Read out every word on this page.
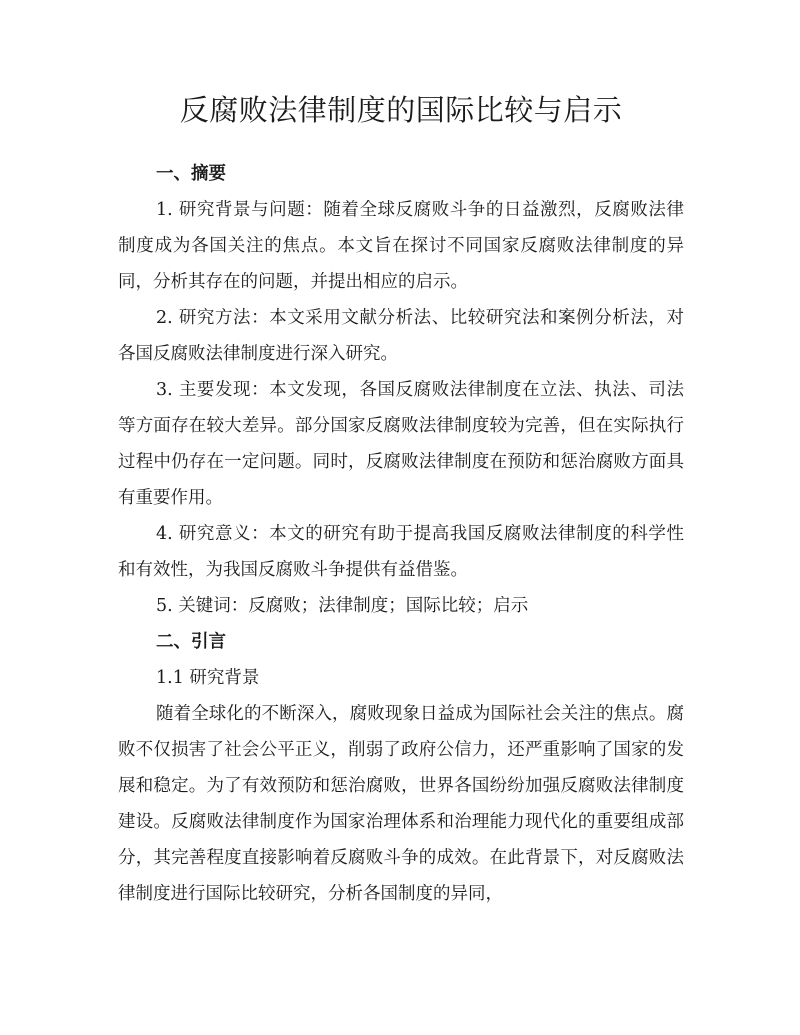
反腐败法律制度的国际比较与启示
一、摘要

1. 研究背景与问题：随着全球反腐败斗争的日益激烈，反腐败法律制度成为各国关注的焦点。本文旨在探讨不同国家反腐败法律制度的异同，分析其存在的问题，并提出相应的启示。

2. 研究方法：本文采用文献分析法、比较研究法和案例分析法，对各国反腐败法律制度进行深入研究。

3. 主要发现：本文发现，各国反腐败法律制度在立法、执法、司法等方面存在较大差异。部分国家反腐败法律制度较为完善，但在实际执行过程中仍存在一定问题。同时，反腐败法律制度在预防和惩治腐败方面具有重要作用。

4. 研究意义：本文的研究有助于提高我国反腐败法律制度的科学性和有效性，为我国反腐败斗争提供有益借鉴。

5. 关键词：反腐败；法律制度；国际比较；启示

二、引言

1.1 研究背景

随着全球化的不断深入，腐败现象日益成为国际社会关注的焦点。腐败不仅损害了社会公平正义，削弱了政府公信力，还严重影响了国家的发展和稳定。为了有效预防和惩治腐败，世界各国纷纷加强反腐败法律制度建设。反腐败法律制度作为国家治理体系和治理能力现代化的重要组成部分，其完善程度直接影响着反腐败斗争的成效。在此背景下，对反腐败法律制度进行国际比较研究，分析各国制度的异同，
